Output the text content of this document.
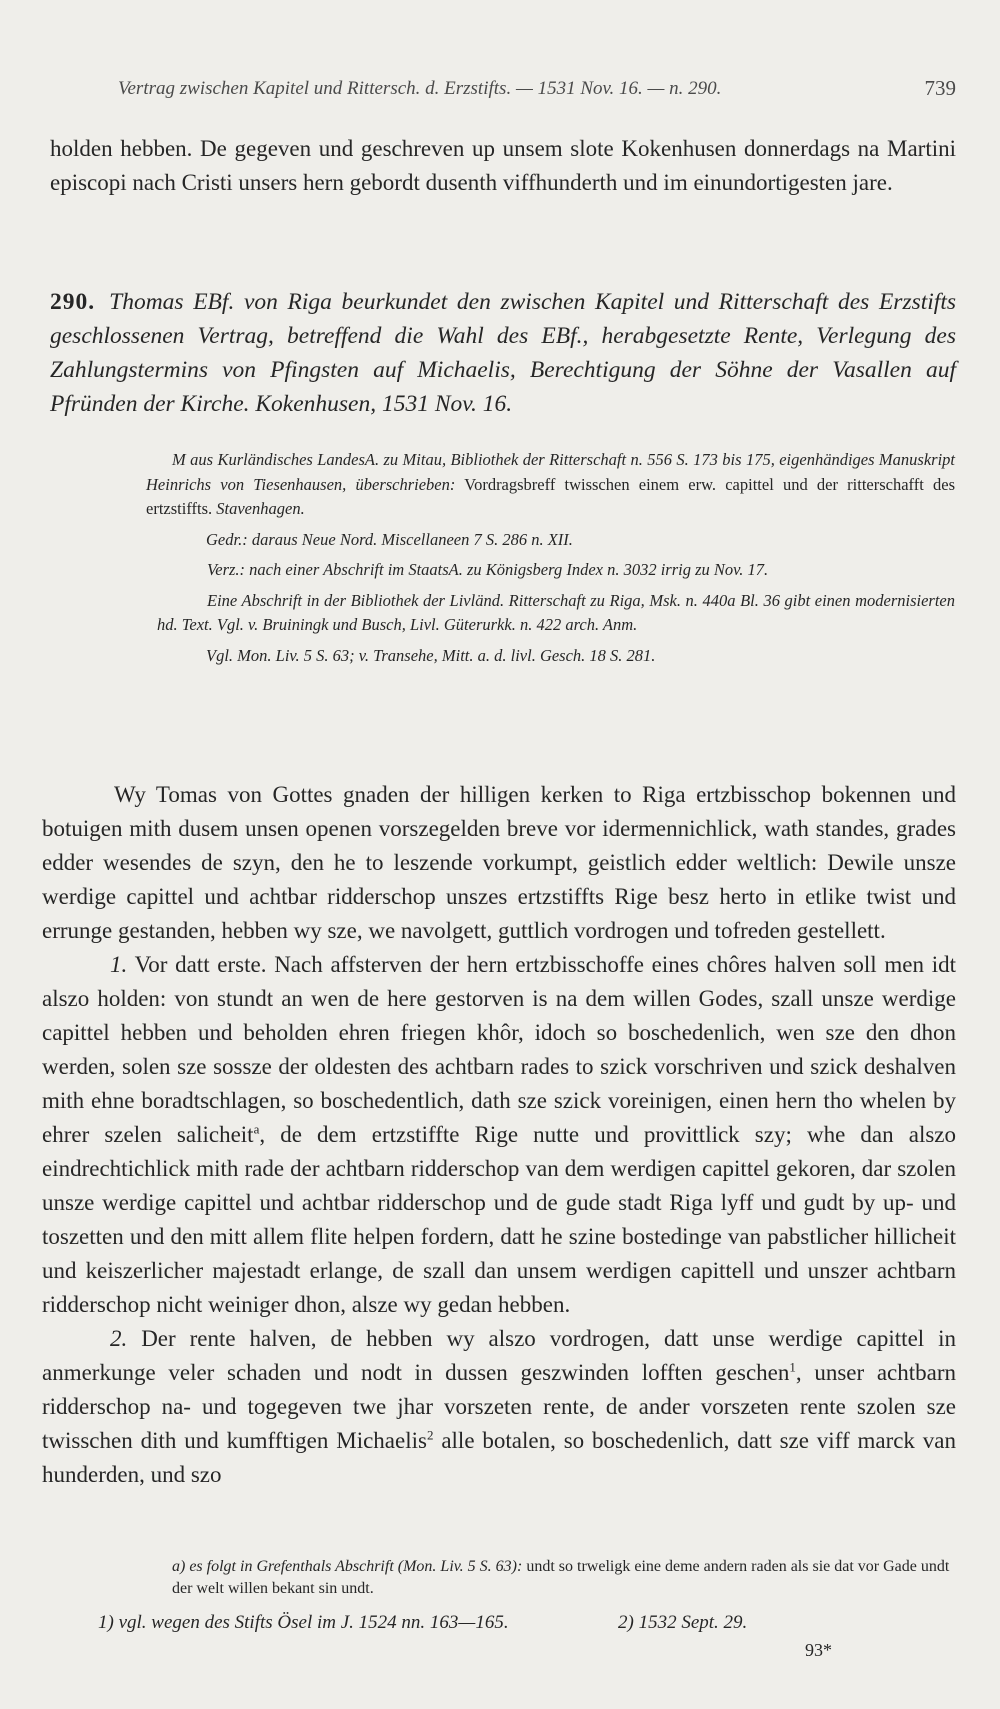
Vertrag zwischen Kapitel und Rittersch. d. Erzstifts. — 1531 Nov. 16. — n. 290.	739

holden hebben. De gegeven und geschreven up unsem slote Kokenhusen donnerdags na Martini episcopi nach Cristi unsers hern gebordt dusenth viffhunderth und im einundortigesten jare.

290. Thomas EBf. von Riga beurkundet den zwischen Kapitel und Ritterschaft des Erzstifts geschlossenen Vertrag, betreffend die Wahl des EBf., herabgesetzte Rente, Verlegung des Zahlungstermins von Pfingsten auf Michaelis, Berechtigung der Söhne der Vasallen auf Pfründen der Kirche. Kokenhusen, 1531 Nov. 16.

M aus Kurländisches LandesA. zu Mitau, Bibliothek der Ritterschaft n. 556 S. 173 bis 175, eigenhändiges Manuskript Heinrichs von Tiesenhausen, überschrieben: Vordragsbreff twisschen einem erw. capittel und der ritterschafft des ertzstiffts. Stavenhagen.

Gedr.: daraus Neue Nord. Miscellaneen 7 S. 286 n. XII.

Verz.: nach einer Abschrift im StaatsA. zu Königsberg Index n. 3032 irrig zu Nov. 17.

Eine Abschrift in der Bibliothek der Livländ. Ritterschaft zu Riga, Msk. n. 440a Bl. 36 gibt einen modernisierten hd. Text. Vgl. v. Bruiningk und Busch, Livl. Güterurkk. n. 422 arch. Anm.

Vgl. Mon. Liv. 5 S. 63; v. Transehe, Mitt. a. d. livl. Gesch. 18 S. 281.

Wy Tomas von Gottes gnaden der hilligen kerken to Riga ertzbisschop bokennen und botuigen mith dusem unsen openen vorszegelden breve vor idermennichlick, wath standes, grades edder wesendes de szyn, den he to leszende vorkumpt, geistlich edder weltlich: Dewile unsze werdige capittel und achtbar ridderschop unszes ertzstiffts Rige besz herto in etlike twist und errunge gestanden, hebben wy sze, we navolgett, guttlich vordrogen und tofreden gestellett.

1. Vor datt erste. Nach affsterven der hern ertzbisschoffe eines chôres halven soll men idt alszo holden: von stundt an wen de here gestorven is na dem willen Godes, szall unsze werdige capittel hebben und beholden ehren friegen khôr, idoch so boschedenlich, wen sze den dhon werden, solen sze sossze der oldesten des achtbarn rades to szick vorschriven und szick deshalven mith ehne boradtschlagen, so boschedentlich, dath sze szick voreinigen, einen hern tho whelen by ehrer szelen salicheit$^a$, de dem ertzstiffte Rige nutte und provittlick szy; whe dan alszo eindrechtichlick mith rade der achtbarn ridderschop van dem werdigen capittel gekoren, dar szolen unsze werdige capittel und achtbar ridderschop und de gude stadt Riga lyff und gudt by up- und toszetten und den mitt allem flite helpen fordern, datt he szine bostedinge van pabstlicher hillicheit und keiszerlicher majestadt erlange, de szall dan unsem werdigen capittell und unszer achtbarn ridderschop nicht weiniger dhon, alsze wy gedan hebben.

2. Der rente halven, de hebben wy alszo vordrogen, datt unse werdige capittel in anmerkunge veler schaden und nodt in dussen geszwinden lofften geschen$^1$, unser achtbarn ridderschop na- und togegeven twe jhar vorszeten rente, de ander vorszeten rente szolen sze twisschen dith und kumfftigen Michaelis$^2$ alle botalen, so boschedenlich, datt sze viff marck van hunderden, und szo

a) es folgt in Grefenthals Abschrift (Mon. Liv. 5 S. 63): undt so trweligk eine deme andern raden als sie dat vor Gade undt der welt willen bekant sin undt.

1) vgl. wegen des Stifts Ösel im J. 1524 nn. 163—165.	2) 1532 Sept. 29.
93*
